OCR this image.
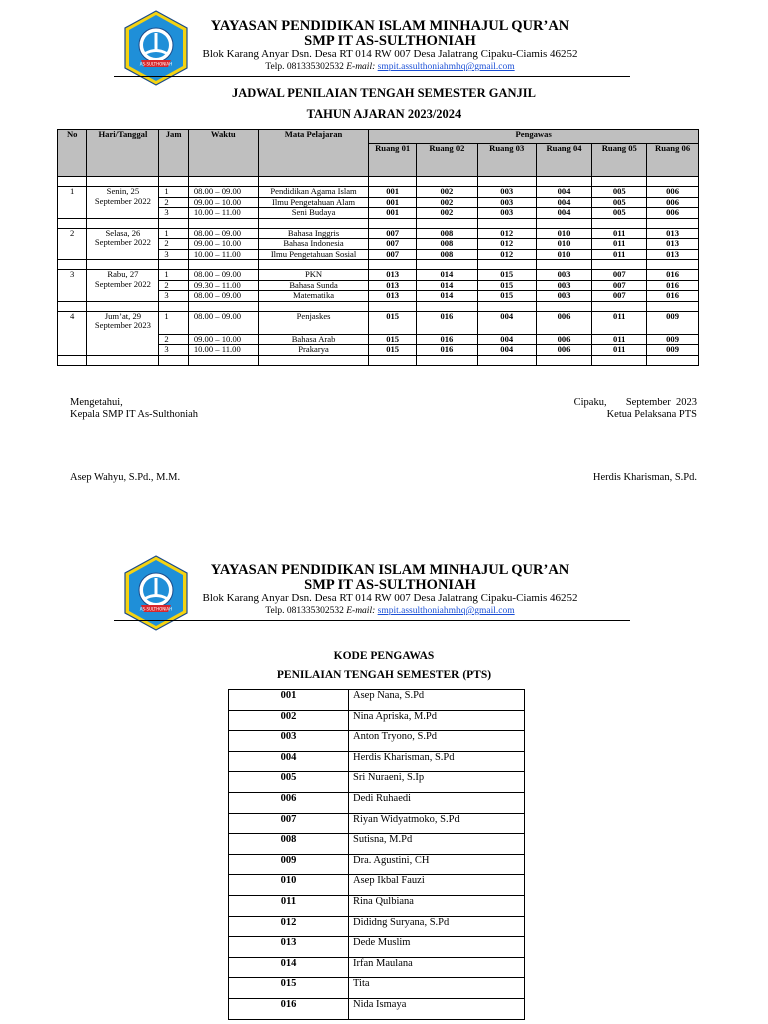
AS-SULTHONIAH
YAYASAN PENDIDIKAN ISLAM MINHAJUL QUR’AN
SMP IT AS-SULTHONIAH
Blok Karang Anyar Dsn. Desa RT 014 RW 007 Desa Jalatrang Cipaku-Ciamis 46252
Telp. 081335302532 E-mail: smpit.assulthoniahmhq@gmail.com
JADWAL PENILAIAN TENGAH SEMESTER GANJIL
TAHUN AJARAN 2023/2024
No	Hari/Tanggal	Jam	Waktu	Mata Pelajaran	Pengawas					
					Ruang 01	Ruang 02	Ruang 03	Ruang 04	Ruang 05	Ruang 06

1	Senin, 25 September 2022	1	08.00 – 09.00	Pendidikan Agama Islam	001	002	003	004	005	006
		2	09.00 – 10.00	Ilmu Pengetahuan Alam	001	002	003	004	005	006
		3	10.00 – 11.00	Seni Budaya	001	002	003	004	005	006

2	Selasa, 26 September 2022	1	08.00 – 09.00	Bahasa Inggris	007	008	012	010	011	013
		2	09.00 – 10.00	Bahasa Indonesia	007	008	012	010	011	013
		3	10.00 – 11.00	Ilmu Pengetahuan Sosial	007	008	012	010	011	013

3	Rabu, 27 September 2022	1	08.00 – 09.00	PKN	013	014	015	003	007	016
		2	09.30 – 11.00	Bahasa Sunda	013	014	015	003	007	016
		3	08.00 – 09.00	Matematika	013	014	015	003	007	016

4	Jum’at, 29 September 2023	1	08.00 – 09.00	Penjaskes	015	016	004	006	011	009
		2	09.00 – 10.00	Bahasa Arab	015	016	004	006	011	009
		3	10.00 – 11.00	Prakarya	015	016	004	006	011	009

Mengetahui,
Kepala SMP IT As-Sulthoniah
Asep Wahyu, S.Pd., M.M.
Cipaku, September  2023
Ketua Pelaksana PTS
Herdis Kharisman, S.Pd.
AS-SULTHONIAH
YAYASAN PENDIDIKAN ISLAM MINHAJUL QUR’AN
SMP IT AS-SULTHONIAH
Blok Karang Anyar Dsn. Desa RT 014 RW 007 Desa Jalatrang Cipaku-Ciamis 46252
Telp. 081335302532 E-mail: smpit.assulthoniahmhq@gmail.com
KODE PENGAWAS
PENILAIAN TENGAH SEMESTER (PTS)
001	Asep Nana, S.Pd
002	Nina Apriska, M.Pd
003	Anton Tryono, S.Pd
004	Herdis Kharisman, S.Pd
005	Sri Nuraeni, S.Ip
006	Dedi Ruhaedi
007	Riyan Widyatmoko, S.Pd
008	Sutisna, M.Pd
009	Dra. Agustini, CH
010	Asep Ikbal Fauzi
011	Rina Qulbiana
012	Dididng Suryana, S.Pd
013	Dede Muslim
014	Irfan Maulana
015	Tita
016	Nida Ismaya
